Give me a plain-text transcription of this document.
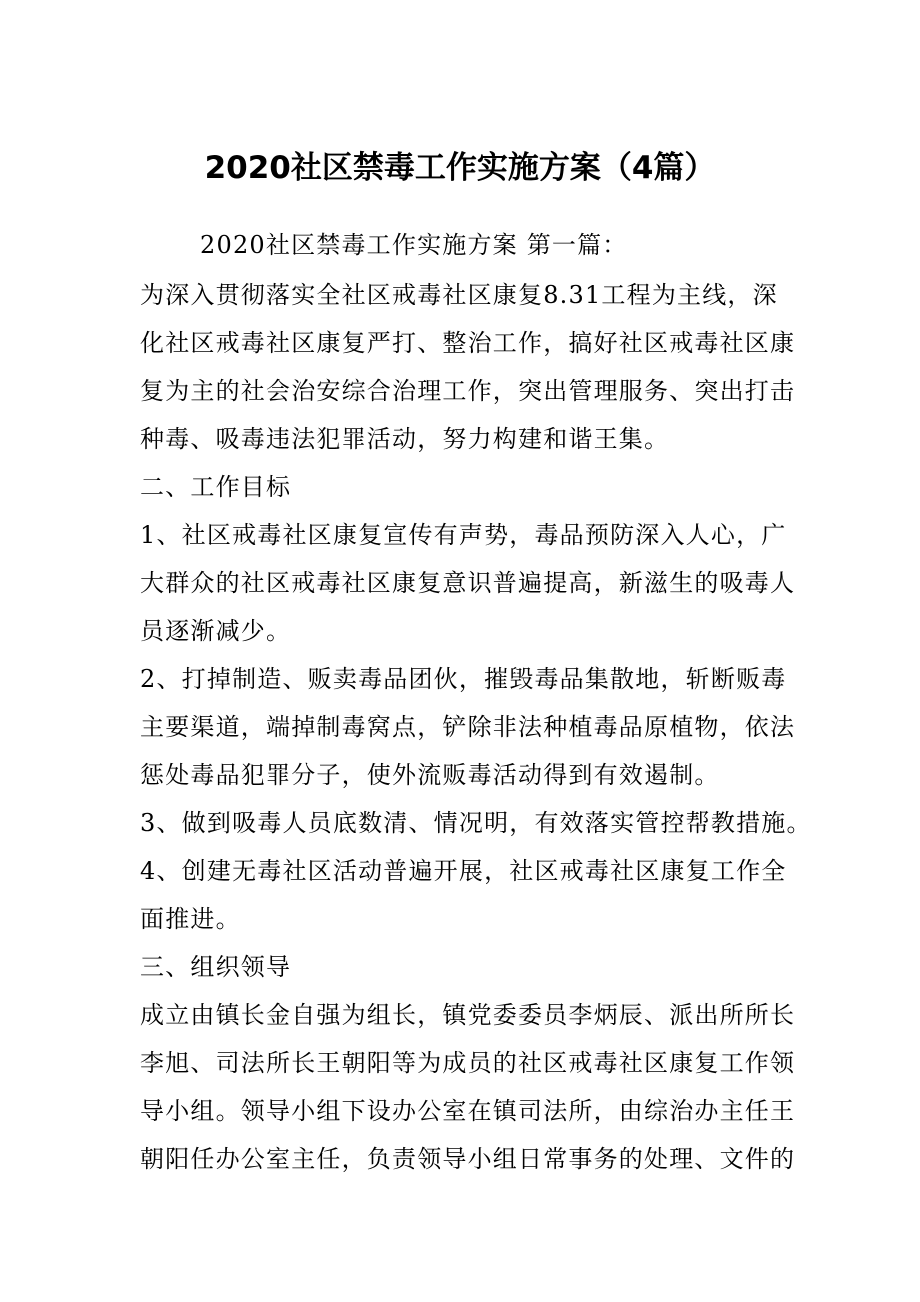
2020社区禁毒工作实施方案（4篇）
2020社区禁毒工作实施方案 第一篇：
为深入贯彻落实全社区戒毒社区康复8.31工程为主线，深
化社区戒毒社区康复严打、整治工作，搞好社区戒毒社区康
复为主的社会治安综合治理工作，突出管理服务、突出打击
种毒、吸毒违法犯罪活动，努力构建和谐王集。
二、工作目标
1、社区戒毒社区康复宣传有声势，毒品预防深入人心，广
大群众的社区戒毒社区康复意识普遍提高，新滋生的吸毒人
员逐渐减少。
2、打掉制造、贩卖毒品团伙，摧毁毒品集散地，斩断贩毒
主要渠道，端掉制毒窝点，铲除非法种植毒品原植物，依法
惩处毒品犯罪分子，使外流贩毒活动得到有效遏制。
3、做到吸毒人员底数清、情况明，有效落实管控帮教措施。
4、创建无毒社区活动普遍开展，社区戒毒社区康复工作全
面推进。
三、组织领导
成立由镇长金自强为组长，镇党委委员李炳辰、派出所所长
李旭、司法所长王朝阳等为成员的社区戒毒社区康复工作领
导小组。领导小组下设办公室在镇司法所，由综治办主任王
朝阳任办公室主任，负责领导小组日常事务的处理、文件的
